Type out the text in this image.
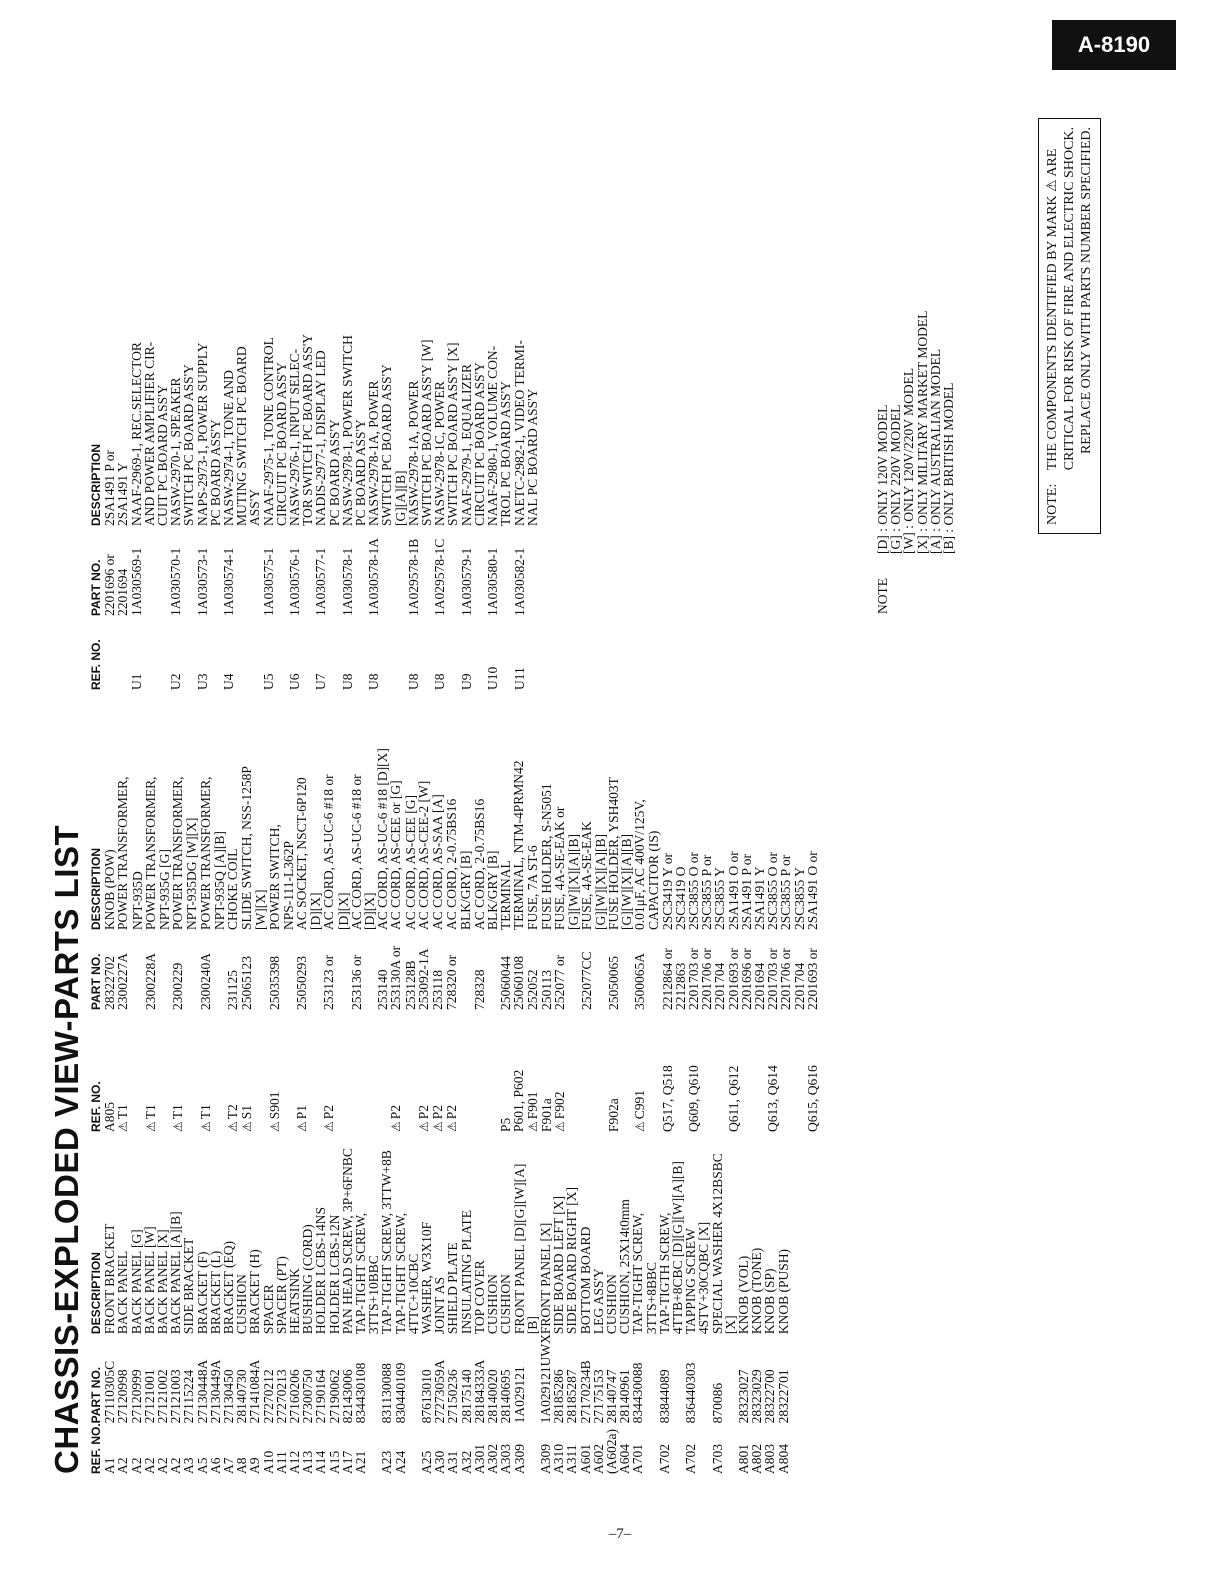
A-8190
CHASSIS-EXPLODED VIEW-PARTS LIST REF. NO.	PART NO.	DESCRIPTION
A1	27110305C	FRONT BRACKET
A2	27120998	BACK PANEL
A2	27120999	BACK PANEL [G]
A2	27121001	BACK PANEL [W]
A2	27121002	BACK PANEL [X]
A2	27121003	BACK PANEL [A][B]
A3	27115224	SIDE BRACKET
A5	27130448A	BRACKET (F)
A6	27130449A	BRACKET (L)
A7	27130450	BRACKET (EQ)
A8	28140730	CUSHION
A9	27141084A	BRACKET (H)
A10	27270212	SPACER
A11	27270213	SPACER (PT)
A12	27160206	HEATSINK
A13	27300750	BUSHING (CORD)
A14	27190164	HOLDER LCBS-14NS
A15	27190062	HOLDER LCBS-12N
A17	82143006	PAN HEAD SCREW, 3P+6FNBC
A21	834430108	TAP-TIGHT SCREW,
		3TTS+10BBC
A23	831130088	TAP-TIGHT SCREW, 3TTW+8B
A24	830440109	TAP-TIGHT SCREW,
		4TTC+10CBC
A25	87613010	WASHER, W3X10F
A30	27273059A	JOINT AS
A31	27150236	SHIELD PLATE
A32	28175140	INSULATING PLATE
A301	28184333A	TOP COVER
A302	28140020	CUSHION
A303	28140695	CUSHION
A309	1A029121	FRONT PANEL [D][G][W][A]
		[B]
A309	1A029121UWX	FRONT PANEL [X]
A310	28185286	SIDE BOARD LEFT [X]
A311	28185287	SIDE BOARD RIGHT [X]
A601	27170234B	BOTTOM BOARD
A602	27175153	LEG ASS'Y
(A602a)	28140747	CUSHION
A604	28140961	CUSHION, 25X14t0mm
A701	834430088	TAP-TIGHT SCREW,
		3TTS+8BBC
A702	83844089	TAP-TIGTH SCREW,
		4TTB+8CBC [D][G][W][A][B]
A702	836440303	TAPPING SCREW
		4STV+30CQBC [X]
A703	870086	SPECIAL WASHER 4X12BSBC
		[X]

A801	28323027	KNOB (VOL)
A802	28323029	KNOB (TONE)
A803	28322700	KNOB (SP)
A804	28322701	KNOB (PUSH)
REF. NO.	PART NO.	DESCRIPTION
A805	28322702	KNOB (POW)
⚠T1	2300227A	POWER TRANSFORMER,
		NPT-935D
⚠T1	2300228A	POWER TRANSFORMER,
		NPT-935G [G]
⚠T1	2300229	POWER TRANSFORMER,
		NPT-935DG [W][X]
⚠T1	2300240A	POWER TRANSFORMER,
		NPT-935Q [A][B]
⚠T2	231125	CHOKE COIL
⚠S1	25065123	SLIDE SWITCH, NSS-1258P
		[W][X]
⚠S901	25035398	POWER SWITCH,
		NPS-111-L362P
⚠P1	25050293	AC SOCKET, NSCT-6P120
		[D][X]
⚠P2	253123 or	AC CORD, AS-UC-6 #18 or
		[D][X]
	253136 or	AC CORD, AS-UC-6 #18 or
		[D][X]
	253140	AC CORD, AS-UC-6 #18 [D][X]
⚠P2	253130A or	AC CORD, AS-CEE or [G]
	253128B	AC CORD, AS-CEE [G]
⚠P2	253092-1A	AC CORD, AS-CEE-2 [W]
⚠P2	253118	AC CORD, AS-SAA [A]
⚠P2	728320 or	AC CORD, 2-0.75BS16
		BLK/GRY [B]
	728328	AC CORD, 2-0.75BS16
		BLK/GRY [B]
P5	25060044	TERMINAL
P601, P602	25060108	TERMINAL, NTM-4PRMN42
⚠F901	252052	FUSE, 7A ST-6
F901a	250113	FUSE HOLDER, S-N5051
⚠F902	252077 or	FUSE, 4A-SE-EAK or
		[G][W][X][A][B]
	252077CC	FUSE, 4A-SE-EAK
		[G][W][X][A][B]
F902a	25050065	FUSE HOLDER, YSH403T
		[G][W][X][A][B]
⚠C991	3500065A	0.01μF, AC 400V/125V,
		CAPACITOR (IS)
Q517, Q518	2212864 or	2SC3419 Y or
	2212863	2SC3419 O
Q609, Q610	2201703 or	2SC3855 O or
	2201706 or	2SC3855 P or
	2201704	2SC3855 Y
Q611, Q612	2201693 or	2SA1491 O or
	2201696 or	2SA1491 P or
	2201694	2SA1491 Y
Q613, Q614	2201703 or	2SC3855 O or
	2201706 or	2SC3855 P or
	2201704	2SC3855 Y
Q615, Q616	2201693 or	2SA1491 O or
REF. NO.	PART NO.	DESCRIPTION
	2201696 or	2SA1491 P or
	2201694	2SA1491 Y
U1	1A030569-1	NAAF-2969-1, REC.SELECTOR
		AND POWER AMPLIFIER CIR-
		CUIT PC BOARD ASS'Y
U2	1A030570-1	NASW-2970-1, SPEAKER
		SWITCH PC BOARD ASS'Y
U3	1A030573-1	NAPS-2973-1, POWER SUPPLY
		PC BOARD ASS'Y
U4	1A030574-1	NASW-2974-1, TONE AND
		MUTING SWITCH PC BOARD
		ASS'Y
U5	1A030575-1	NAAF-2975-1, TONE CONTROL
		CIRCUIT PC BOARD ASS'Y
U6	1A030576-1	NASW-2976-1, INPUT SELEC-
		TOR SWITCH PC BOARD ASS'Y
U7	1A030577-1	NADIS-2977-1, DISPLAY LED
		PC BOARD ASS'Y
U8	1A030578-1	NASW-2978-1, POWER SWITCH
		PC BOARD ASS'Y
U8	1A030578-1A	NASW-2978-1A, POWER
		SWITCH PC BOARD ASS'Y
		[G][A][B]
U8	1A029578-1B	NASW-2978-1A, POWER
		SWITCH PC BOARD ASS'Y [W]
U8	1A029578-1C	NASW-2978-1C, POWER
		SWITCH PC BOARD ASS'Y [X]
U9	1A030579-1	NAAF-2979-1, EQUALIZER
		CIRCUIT PC BOARD ASS'Y
U10	1A030580-1	NAAF-2980-1, VOLUME CON-
		TROL PC BOARD ASS'Y
U11	1A030582-1	NAETC-2982-1, VIDEO TERMI-
		NAL PC BOARD ASS'Y
NOTE
[D] : ONLY 120V MODEL
[G] : ONLY 220V MODEL
[W] : ONLY 120V/220V MODEL
[X] : ONLY MILITARY MARKET MODEL
[A] : ONLY AUSTRALIAN MODEL
[B] : ONLY BRITISH MODEL	NOTE:
THE COMPONENTS IDENTIFIED BY MARK ⚠ ARE CRITICAL FOR RISK OF FIRE AND ELECTRIC SHOCK. REPLACE ONLY WITH PARTS NUMBER SPECIFIED.
–7–
